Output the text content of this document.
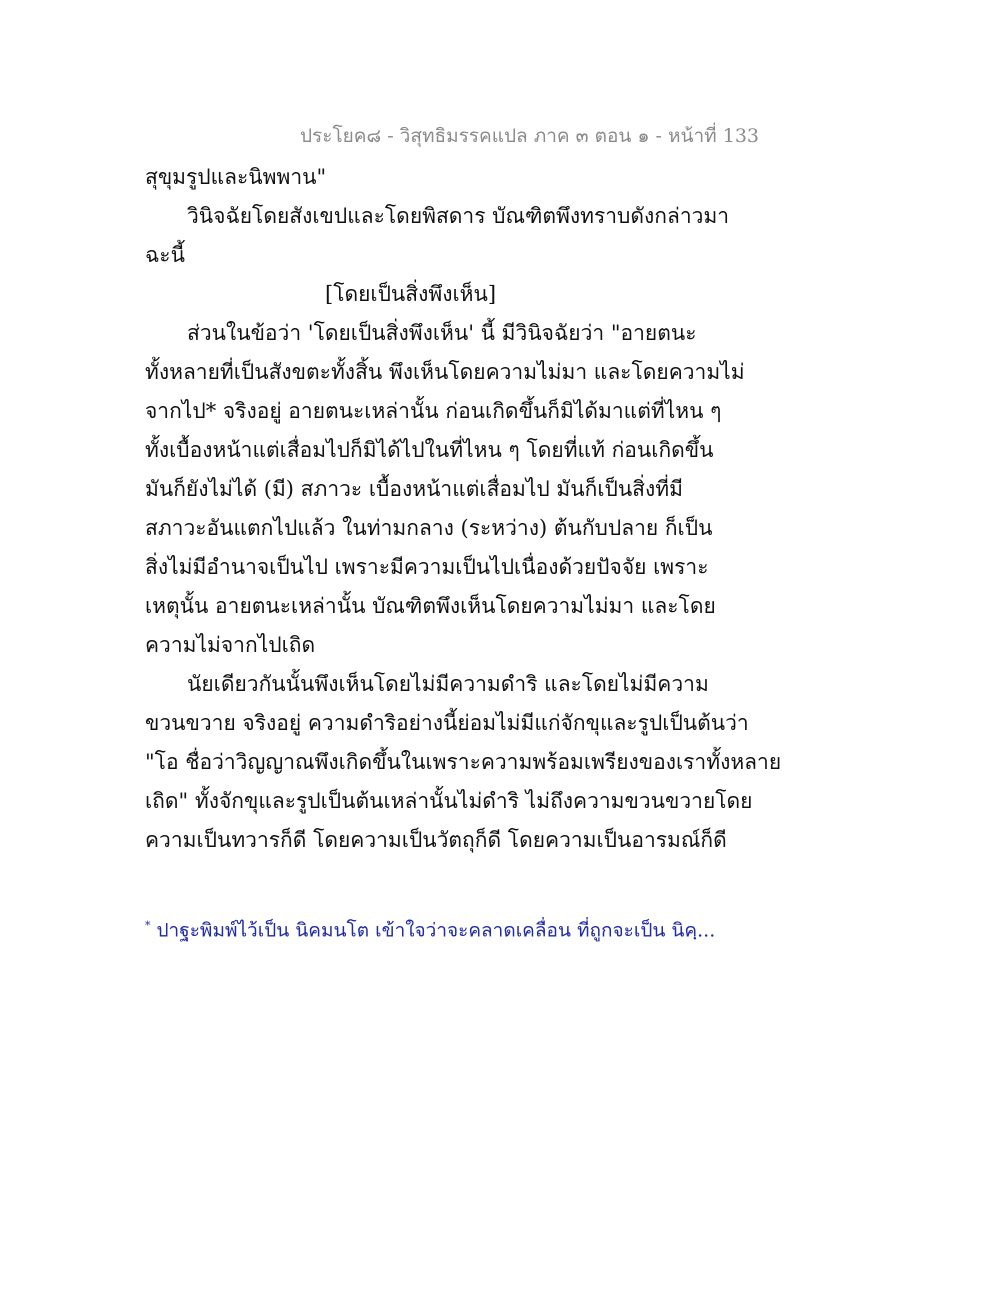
ประโยค๘ - วิสุทธิมรรคแปล ภาค ๓ ตอน ๑ - หน้าที่ 133
สุขุมรูปและนิพพาน"
วินิจฉัยโดยสังเขปและโดยพิสดาร บัณฑิตพึงทราบดังกล่าวมา
ฉะนี้
[โดยเป็นสิ่งพึงเห็น]
ส่วนในข้อว่า 'โดยเป็นสิ่งพึงเห็น' นี้ มีวินิจฉัยว่า "อายตนะ
ทั้งหลายที่เป็นสังขตะทั้งสิ้น พึงเห็นโดยความไม่มา และโดยความไม่
จากไป* จริงอยู่ อายตนะเหล่านั้น ก่อนเกิดขึ้นก็มิได้มาแต่ที่ไหน ๆ
ทั้งเบื้องหน้าแต่เสื่อมไปก็มิได้ไปในที่ไหน ๆ โดยที่แท้ ก่อนเกิดขึ้น
มันก็ยังไม่ได้ (มี) สภาวะ เบื้องหน้าแต่เสื่อมไป มันก็เป็นสิ่งที่มี
สภาวะอันแตกไปแล้ว ในท่ามกลาง (ระหว่าง) ต้นกับปลาย ก็เป็น
สิ่งไม่มีอำนาจเป็นไป เพราะมีความเป็นไปเนื่องด้วยปัจจัย เพราะ
เหตุนั้น อายตนะเหล่านั้น บัณฑิตพึงเห็นโดยความไม่มา และโดย
ความไม่จากไปเถิด
นัยเดียวกันนั้นพึงเห็นโดยไม่มีความดำริ และโดยไม่มีความ
ขวนขวาย จริงอยู่ ความดำริอย่างนี้ย่อมไม่มีแก่จักขุและรูปเป็นต้นว่า
"โอ ชื่อว่าวิญญาณพึงเกิดขึ้นในเพราะความพร้อมเพรียงของเราทั้งหลาย
เถิด" ทั้งจักขุและรูปเป็นต้นเหล่านั้นไม่ดำริ ไม่ถึงความขวนขวายโดย
ความเป็นทวารก็ดี โดยความเป็นวัตถุก็ดี โดยความเป็นอารมณ์ก็ดี
* ปาฐะพิมพ์ไว้เป็น นิคมนโต เข้าใจว่าจะคลาดเคลื่อน ที่ถูกจะเป็น นิคฺ...
